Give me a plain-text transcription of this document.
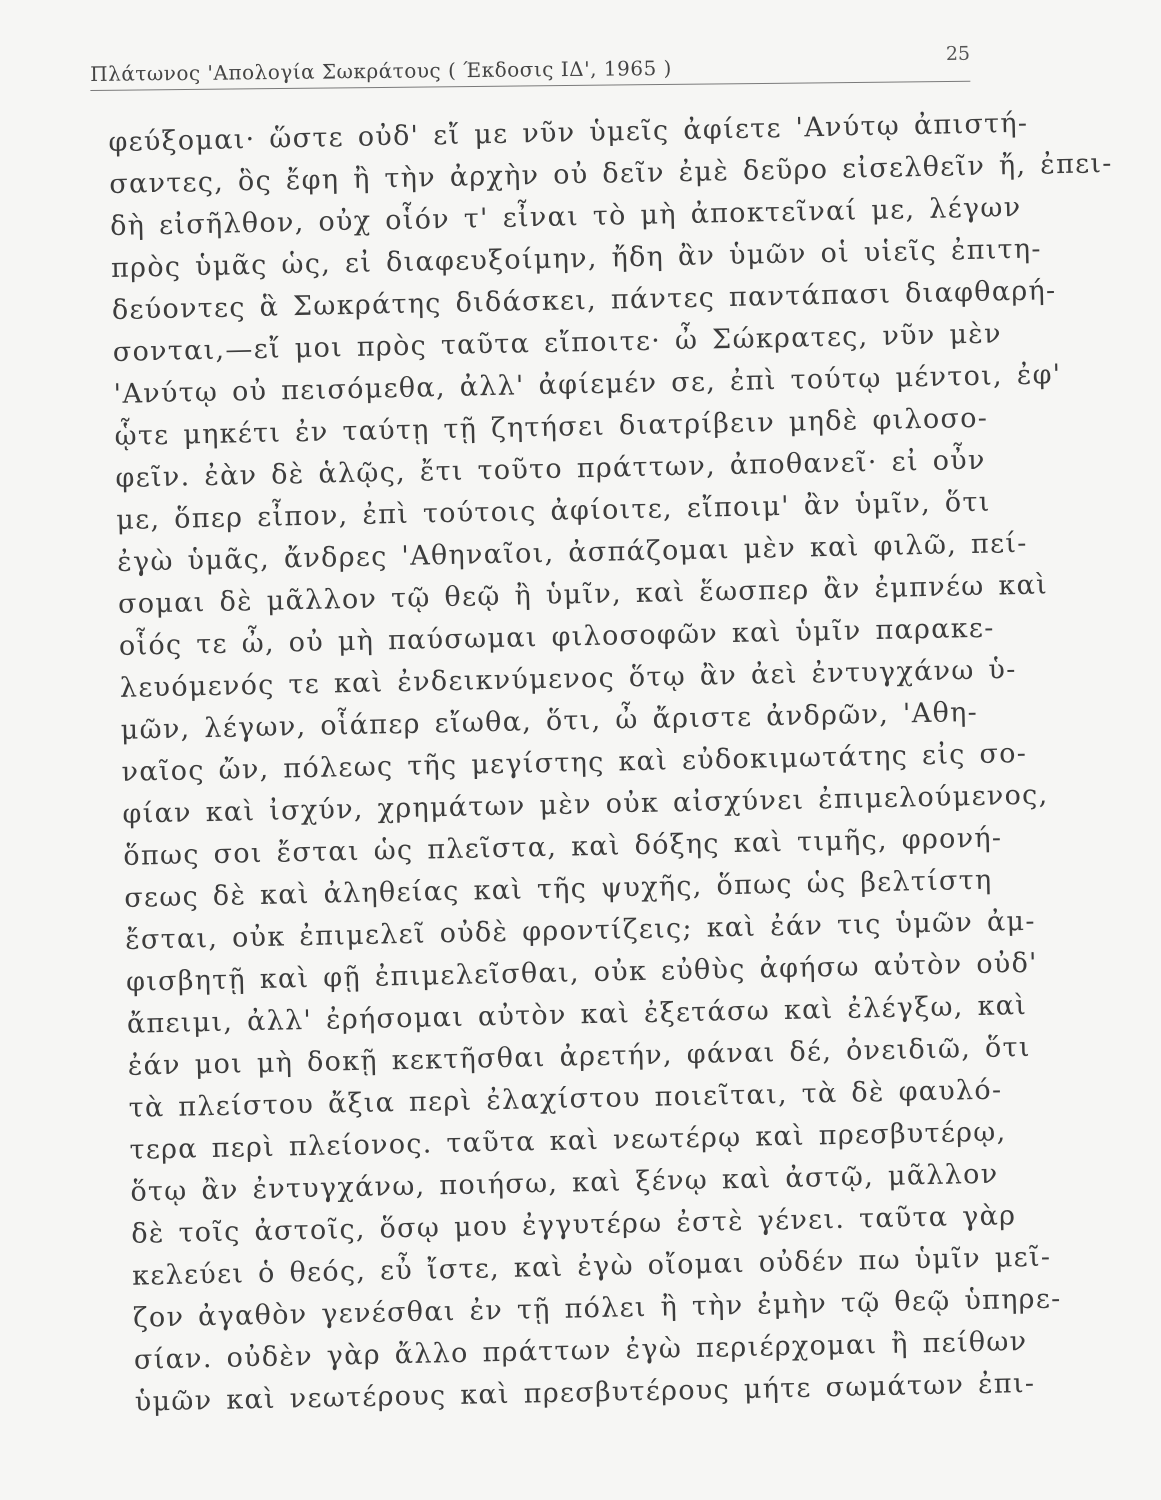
Πλάτωνος 'Απολογία Σωκράτους ( Έκδοσις ΙΔ', 1965 )
25
φεύξομαι· ὥστε οὐδ' εἴ με νῦν ὑμεῖς ἀφίετε 'Ανύτῳ ἀπιστή-
σαντες, ὃς ἔφη ἢ τὴν ἀρχὴν οὐ δεῖν ἐμὲ δεῦρο εἰσελθεῖν ἤ, ἐπει-
δὴ εἰσῆλθον, οὐχ οἷόν τ' εἶναι τὸ μὴ ἀποκτεῖναί με, λέγων
πρὸς ὑμᾶς ὡς, εἰ διαφευξοίμην, ἤδη ἂν ὑμῶν οἱ υἱεῖς ἐπιτη-
δεύοντες ἃ Σωκράτης διδάσκει, πάντες παντάπασι διαφθαρή-
σονται,—εἴ μοι πρὸς ταῦτα εἴποιτε· ὦ Σώκρατες, νῦν μὲν
'Ανύτῳ οὐ πεισόμεθα, ἀλλ' ἀφίεμέν σε, ἐπὶ τούτῳ μέντοι, ἐφ'
ᾧτε μηκέτι ἐν ταύτῃ τῇ ζητήσει διατρίβειν μηδὲ φιλοσο-
φεῖν. ἐὰν δὲ ἁλῷς, ἔτι τοῦτο πράττων, ἀποθανεῖ· εἰ οὖν
με, ὅπερ εἶπον, ἐπὶ τούτοις ἀφίοιτε, εἴποιμ' ἂν ὑμῖν, ὅτι
ἐγὼ ὑμᾶς, ἄνδρες 'Αθηναῖοι, ἀσπάζομαι μὲν καὶ φιλῶ, πεί-
σομαι δὲ μᾶλλον τῷ θεῷ ἢ ὑμῖν, καὶ ἕωσπερ ἂν ἐμπνέω καὶ
οἷός τε ὦ, οὐ μὴ παύσωμαι φιλοσοφῶν καὶ ὑμῖν παρακε-
λευόμενός τε καὶ ἐνδεικνύμενος ὅτῳ ἂν ἀεὶ ἐντυγχάνω ὑ-
μῶν, λέγων, οἷάπερ εἴωθα, ὅτι, ὦ ἄριστε ἀνδρῶν, 'Αθη-
ναῖος ὤν, πόλεως τῆς μεγίστης καὶ εὐδοκιμωτάτης εἰς σο-
φίαν καὶ ἰσχύν, χρημάτων μὲν οὐκ αἰσχύνει ἐπιμελούμενος,
ὅπως σοι ἔσται ὡς πλεῖστα, καὶ δόξης καὶ τιμῆς, φρονή-
σεως δὲ καὶ ἀληθείας καὶ τῆς ψυχῆς, ὅπως ὡς βελτίστη
ἔσται, οὐκ ἐπιμελεῖ οὐδὲ φροντίζεις; καὶ ἐάν τις ὑμῶν ἀμ-
φισβητῇ καὶ φῇ ἐπιμελεῖσθαι, οὐκ εὐθὺς ἀφήσω αὐτὸν οὐδ'
ἄπειμι, ἀλλ' ἐρήσομαι αὐτὸν καὶ ἐξετάσω καὶ ἐλέγξω, καὶ
ἐάν μοι μὴ δοκῇ κεκτῆσθαι ἀρετήν, φάναι δέ, ὀνειδιῶ, ὅτι
τὰ πλείστου ἄξια περὶ ἐλαχίστου ποιεῖται, τὰ δὲ φαυλό-
τερα περὶ πλείονος. ταῦτα καὶ νεωτέρῳ καὶ πρεσβυτέρῳ,
ὅτῳ ἂν ἐντυγχάνω, ποιήσω, καὶ ξένῳ καὶ ἀστῷ, μᾶλλον
δὲ τοῖς ἀστοῖς, ὅσῳ μου ἐγγυτέρω ἐστὲ γένει. ταῦτα γὰρ
κελεύει ὁ θεός, εὖ ἴστε, καὶ ἐγὼ οἴομαι οὐδέν πω ὑμῖν μεῖ-
ζον ἀγαθὸν γενέσθαι ἐν τῇ πόλει ἢ τὴν ἐμὴν τῷ θεῷ ὑπηρε-
σίαν. οὐδὲν γὰρ ἄλλο πράττων ἐγὼ περιέρχομαι ἢ πείθων
ὑμῶν καὶ νεωτέρους καὶ πρεσβυτέρους μήτε σωμάτων ἐπι-
